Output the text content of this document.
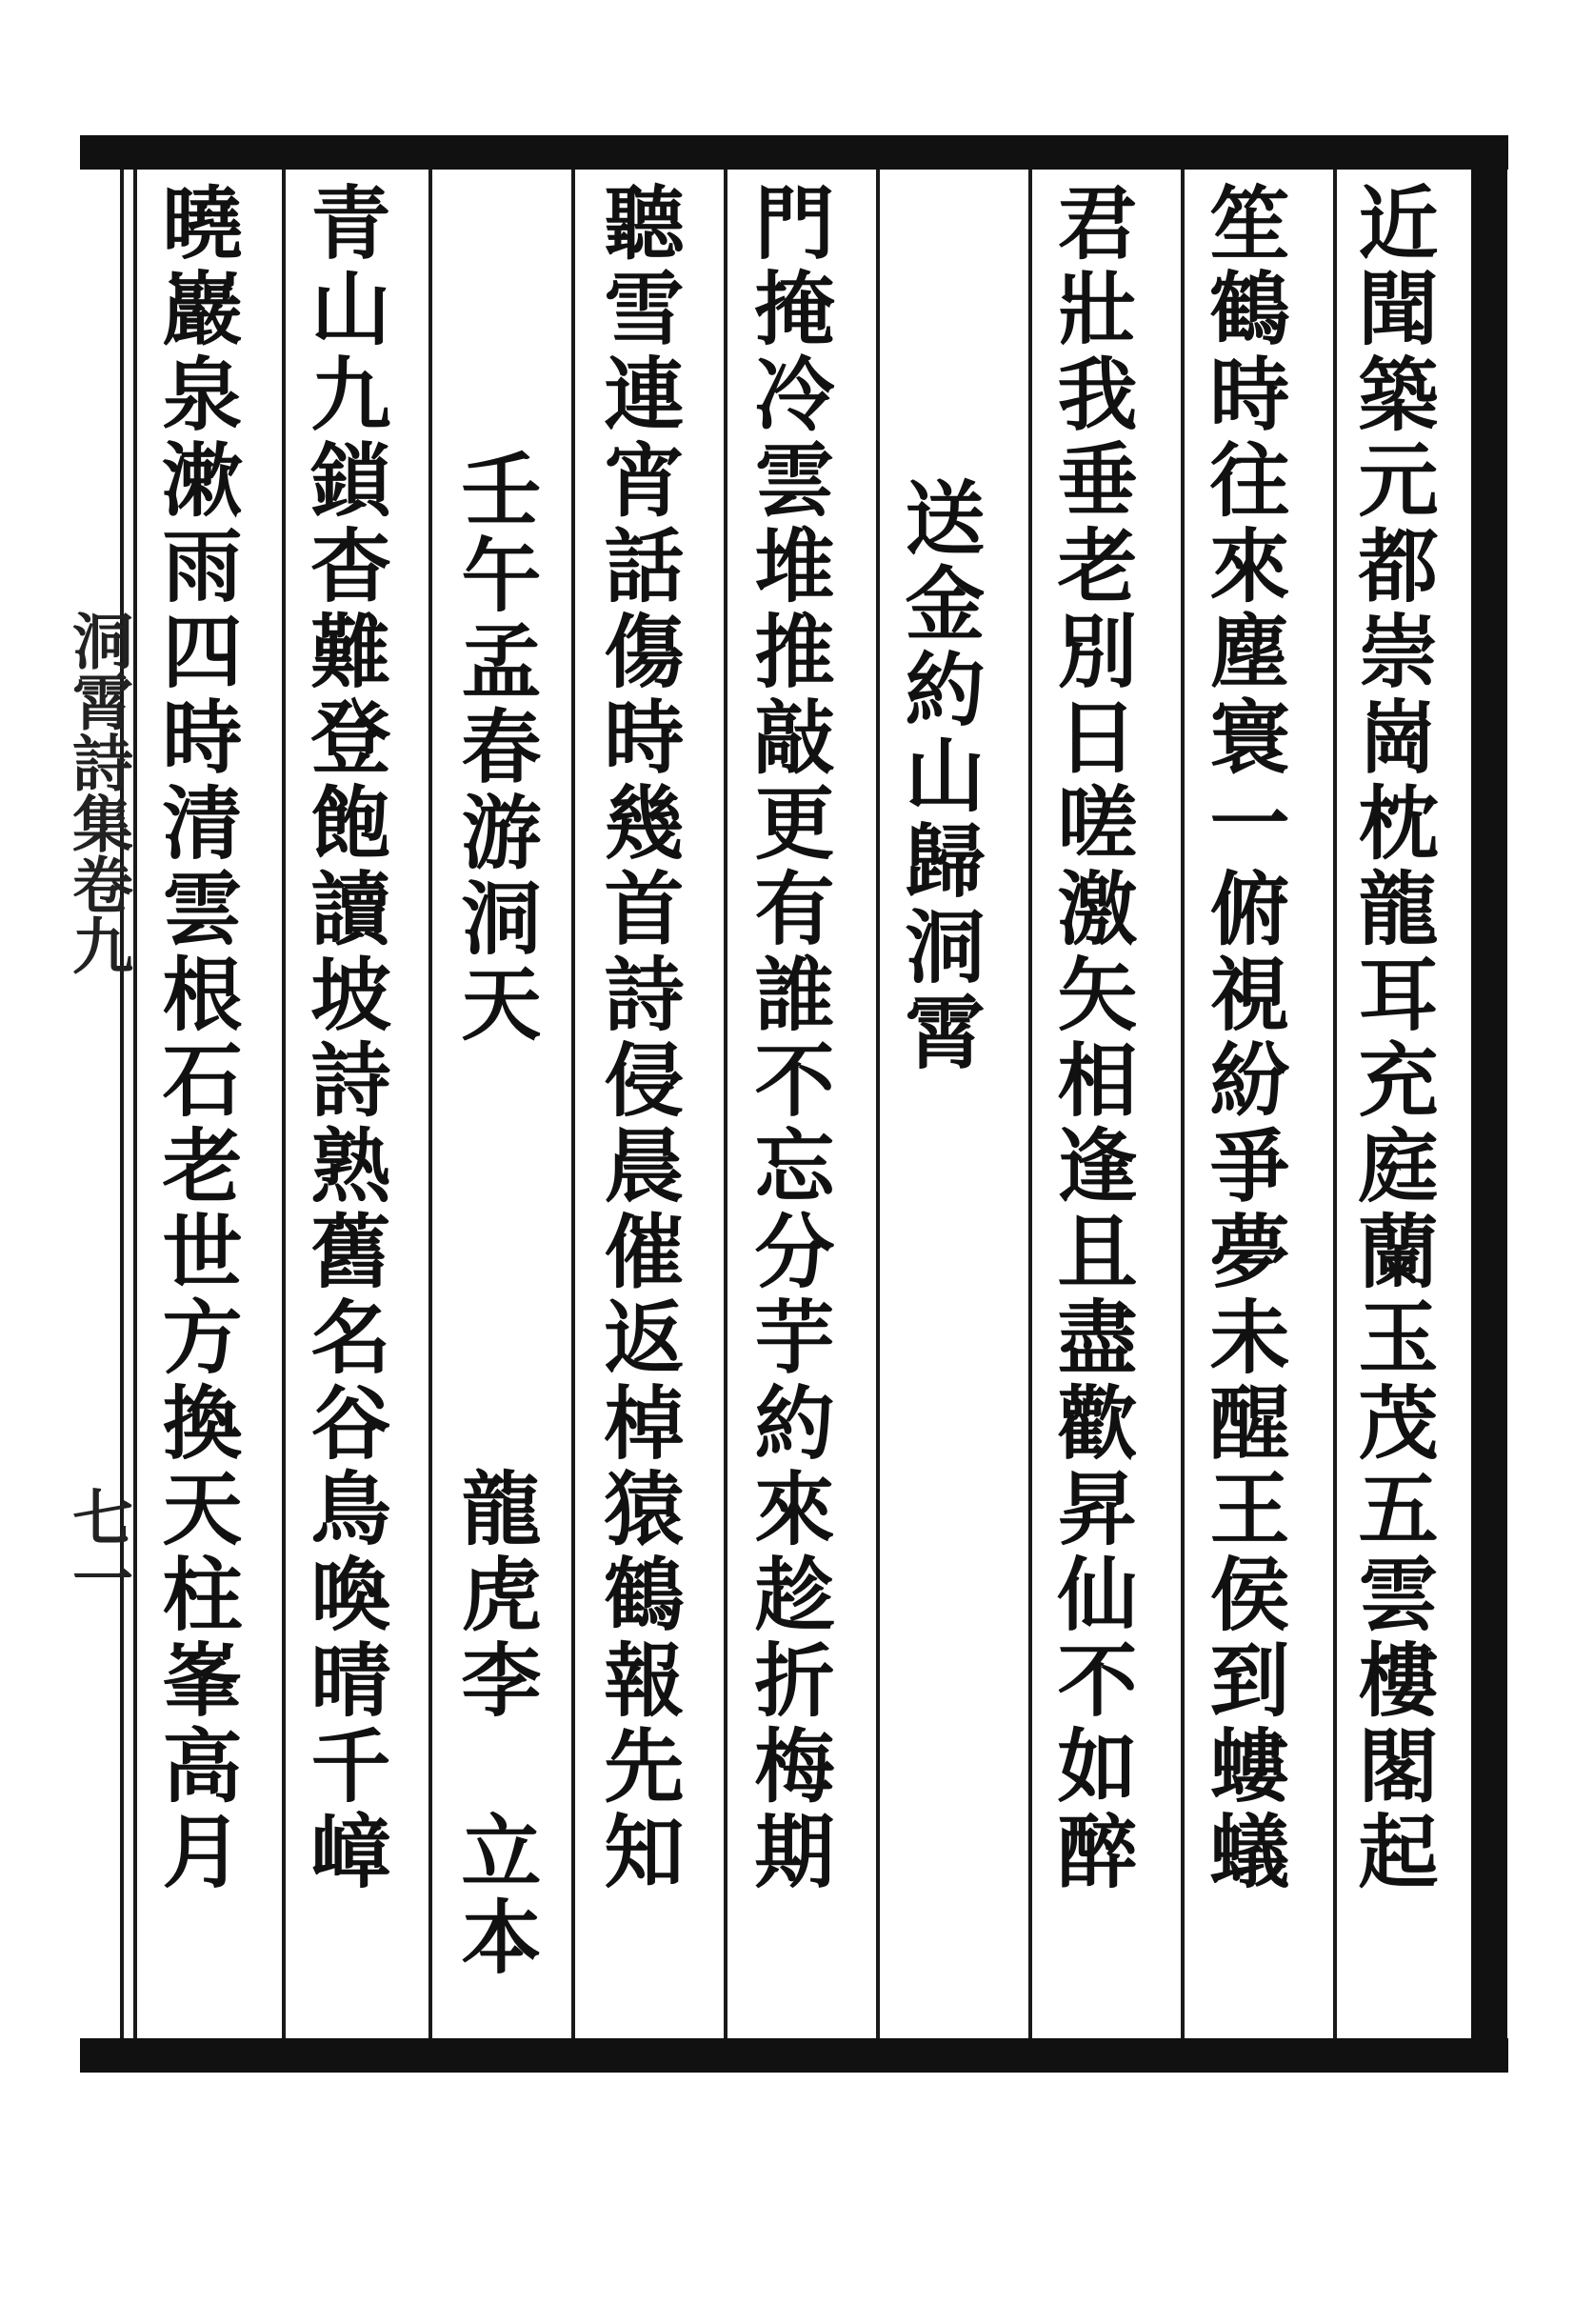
洞霄詩集卷九
七一	近聞築元都崇崗枕龍耳充庭蘭玉茂五雲樓閣起
笙鶴時往來塵寰一俯視紛爭夢未醒王侯到螻蟻
君壯我垂老別日嗟激矢相逢且盡歡昇仙不如醉
送金約山歸洞霄
門掩冷雲堆推敲更有誰不忘分芋約來趁折梅期
聽雪連宵話傷時幾首詩侵晨催返棹猿鶴報先知
壬午孟春游洞天
龍虎李
立本
青山九鎖杳難登飽讀坡詩熟舊名谷鳥喚晴千嶂
曉巖泉漱雨四時清雲根石老世方換天柱峯高月
